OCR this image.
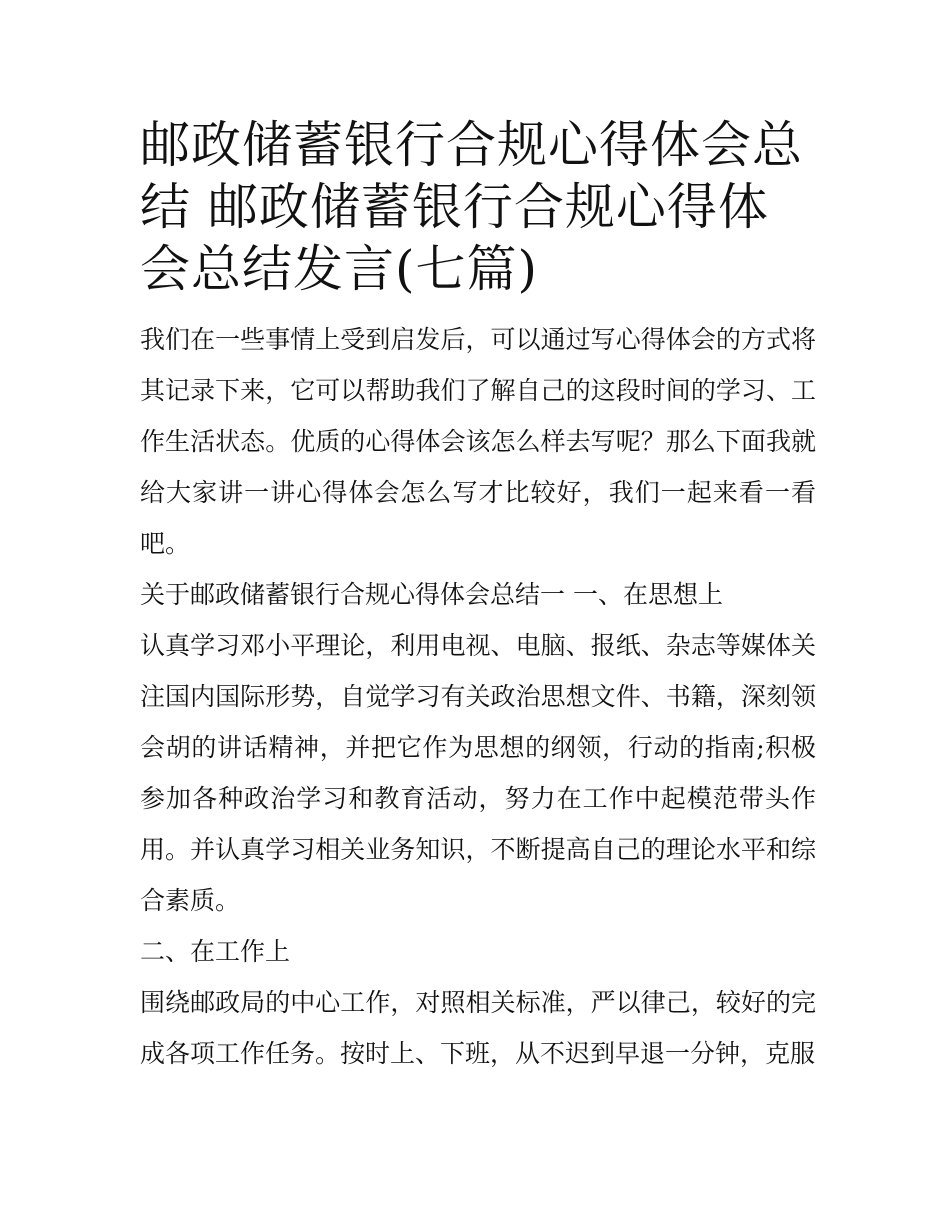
邮政储蓄银行合规心得体会总结 邮政储蓄银行合规心得体会总结发言(七篇)

我们在一些事情上受到启发后，可以通过写心得体会的方式将其记录下来，它可以帮助我们了解自己的这段时间的学习、工作生活状态。优质的心得体会该怎么样去写呢？那么下面我就给大家讲一讲心得体会怎么写才比较好，我们一起来看一看吧。

关于邮政储蓄银行合规心得体会总结一 一、在思想上

认真学习邓小平理论，利用电视、电脑、报纸、杂志等媒体关注国内国际形势，自觉学习有关政治思想文件、书籍，深刻领会胡的讲话精神，并把它作为思想的纲领，行动的指南;积极参加各种政治学习和教育活动，努力在工作中起模范带头作用。并认真学习相关业务知识，不断提高自己的理论水平和综合素质。

二、在工作上

围绕邮政局的中心工作，对照相关标准，严以律己，较好的完成各项工作任务。按时上、下班，从不迟到早退一分钟，克服
